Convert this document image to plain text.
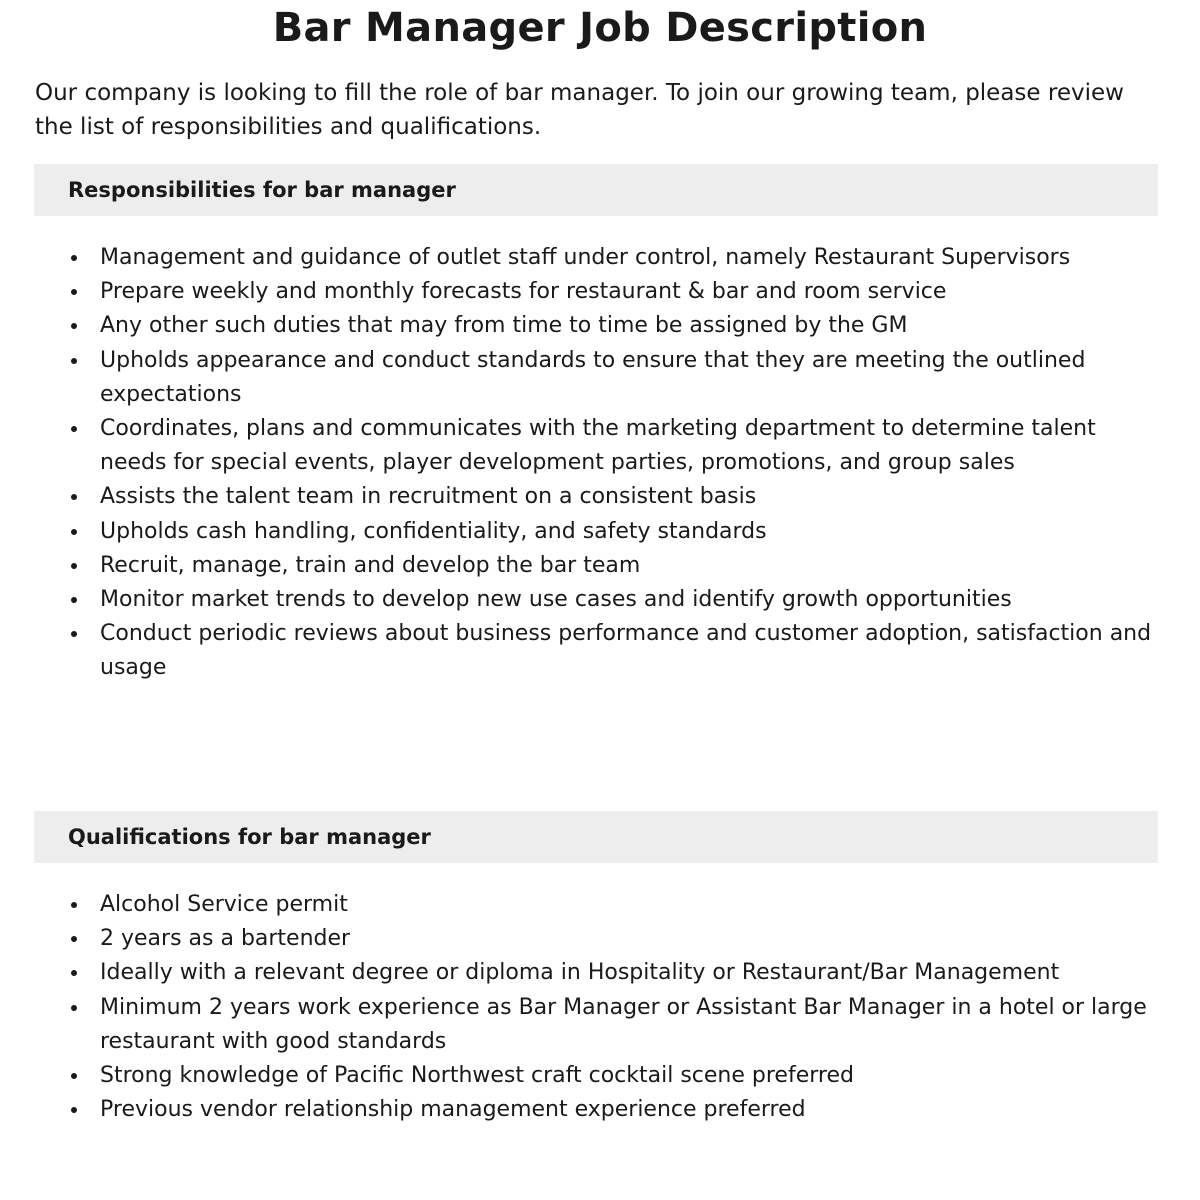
Bar Manager Job Description

Our company is looking to fill the role of bar manager. To join our growing team, please review the list of responsibilities and qualifications.

Responsibilities for bar manager
Management and guidance of outlet staff under control, namely Restaurant Supervisors
Prepare weekly and monthly forecasts for restaurant & bar and room service
Any other such duties that may from time to time be assigned by the GM
Upholds appearance and conduct standards to ensure that they are meeting the outlined expectations
Coordinates, plans and communicates with the marketing department to determine talent needs for special events, player development parties, promotions, and group sales
Assists the talent team in recruitment on a consistent basis
Upholds cash handling, confidentiality, and safety standards
Recruit, manage, train and develop the bar team
Monitor market trends to develop new use cases and identify growth opportunities
Conduct periodic reviews about business performance and customer adoption, satisfaction and usage
Qualifications for bar manager
Alcohol Service permit
2 years as a bartender
Ideally with a relevant degree or diploma in Hospitality or Restaurant/Bar Management
Minimum 2 years work experience as Bar Manager or Assistant Bar Manager in a hotel or large restaurant with good standards
Strong knowledge of Pacific Northwest craft cocktail scene preferred
Previous vendor relationship management experience preferred
